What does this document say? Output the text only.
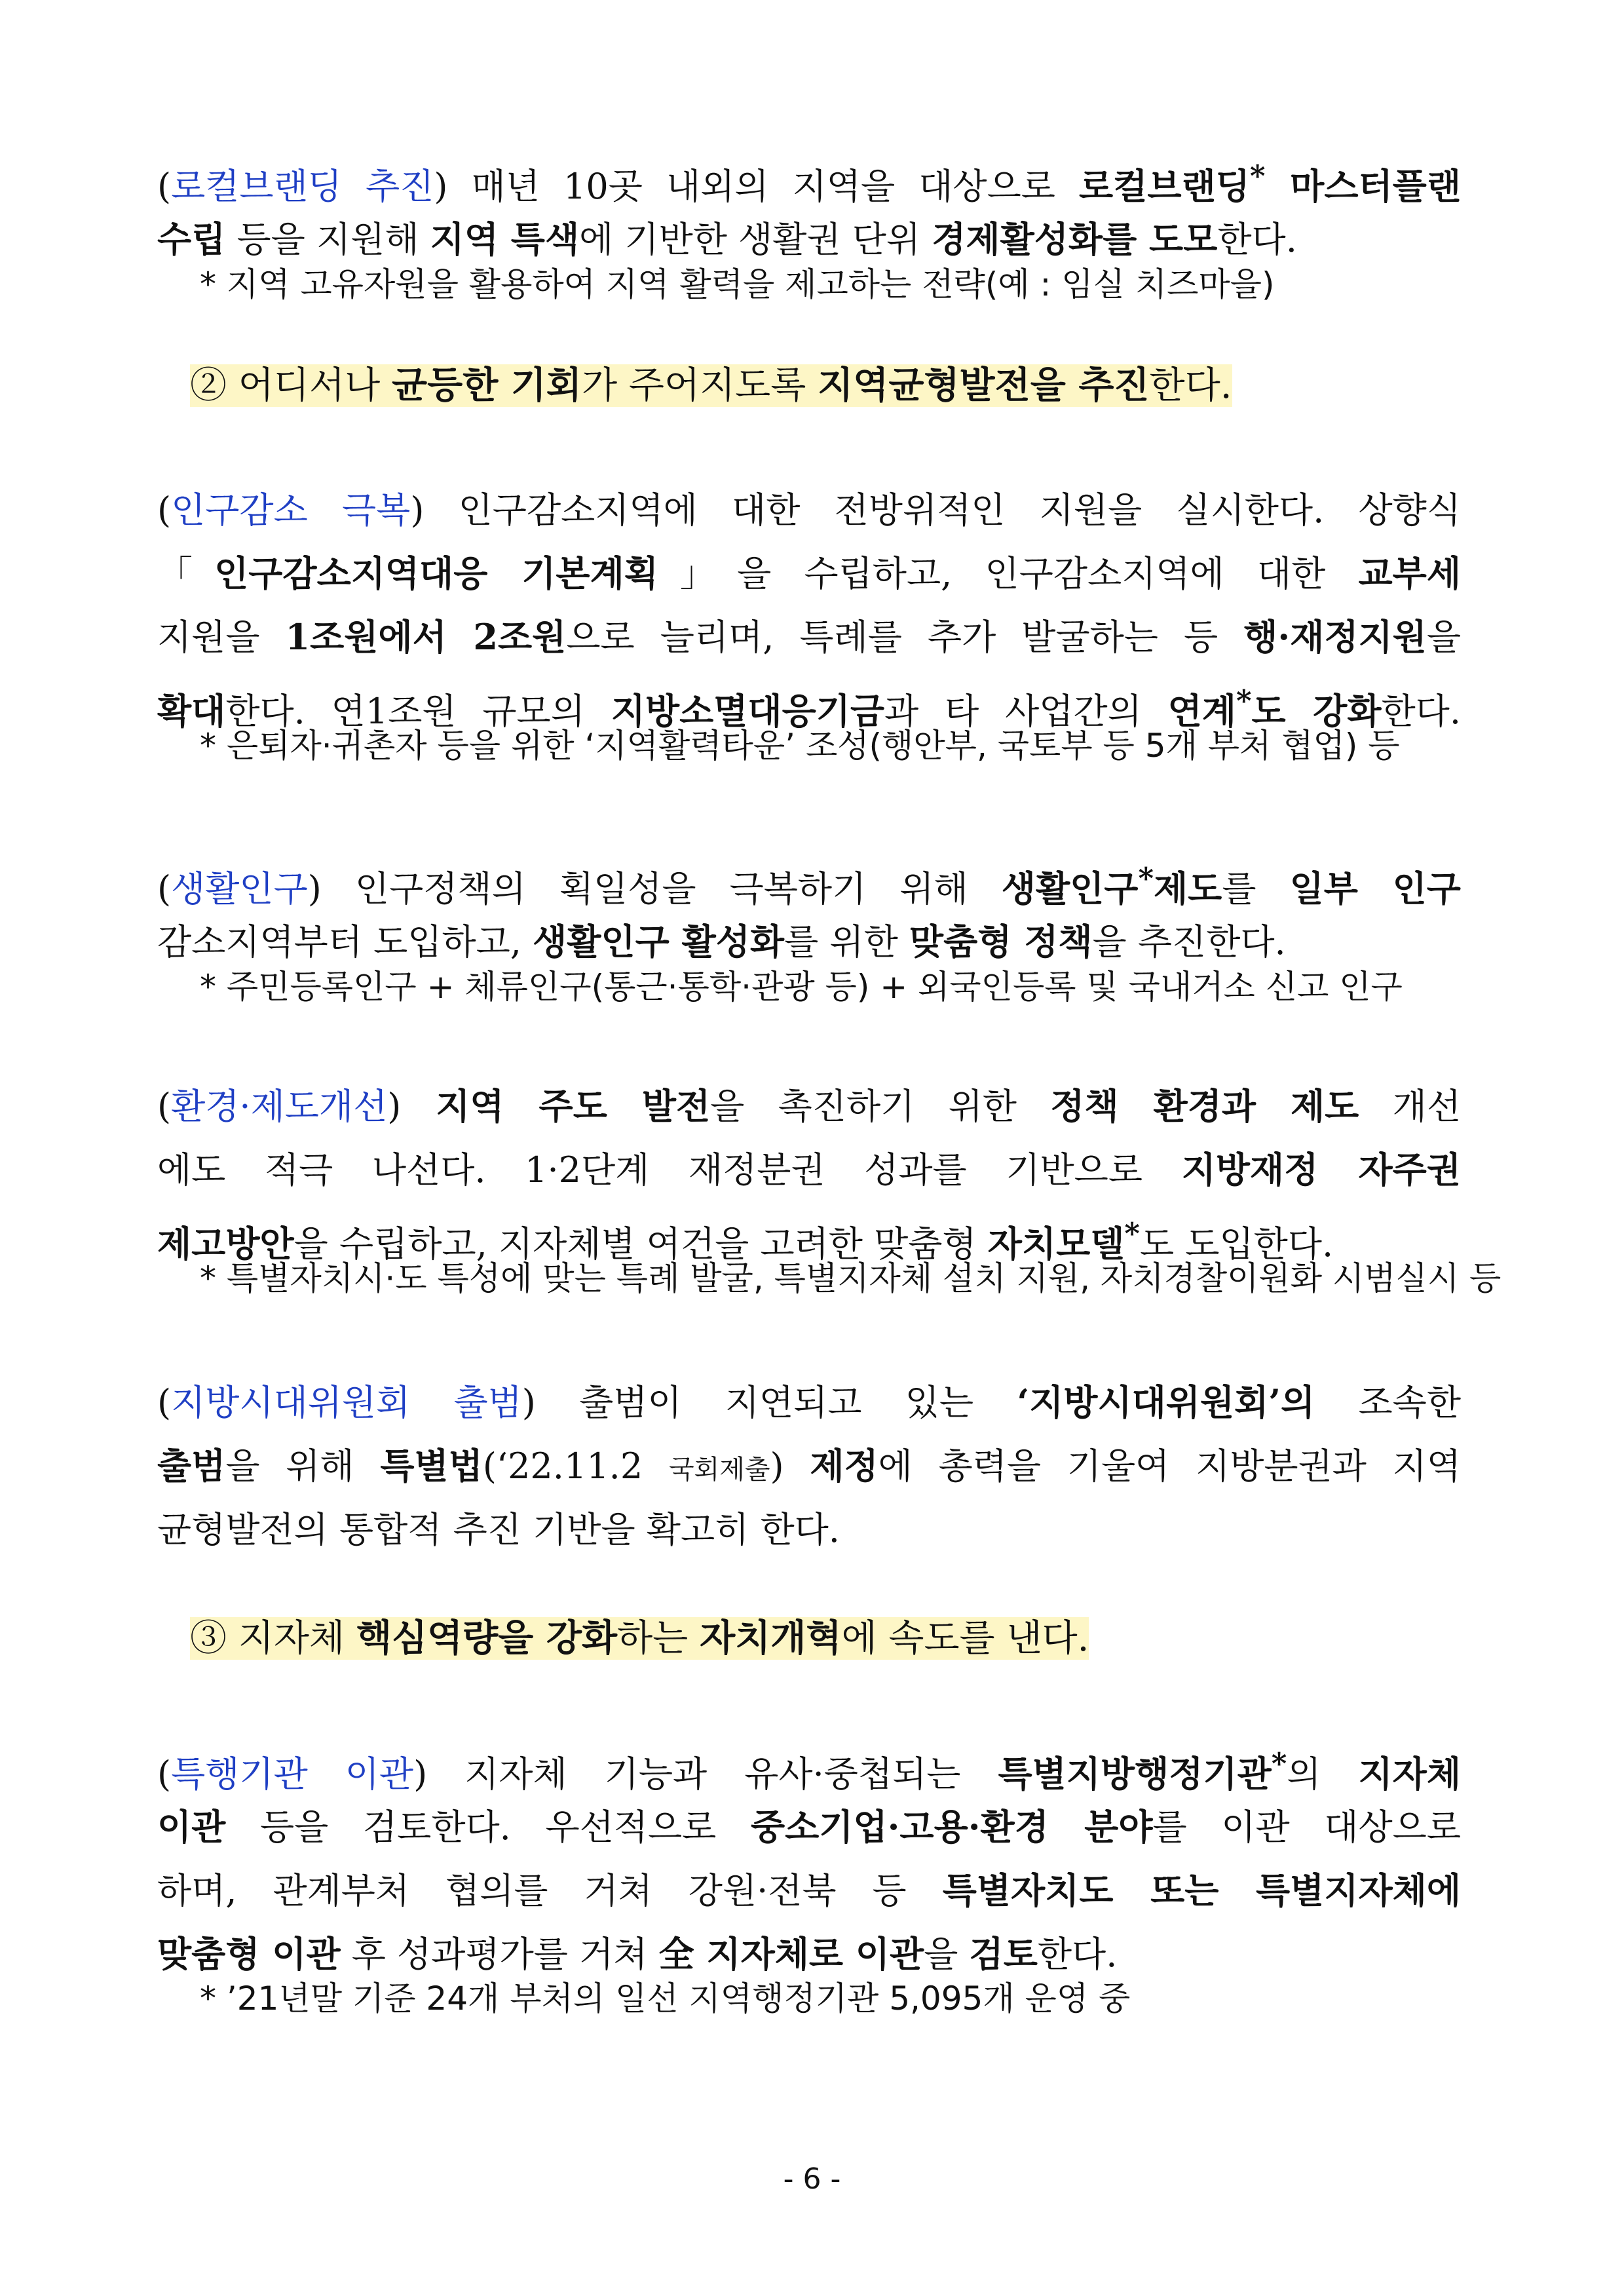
(로컬브랜딩 추진) 매년 10곳 내외의 지역을 대상으로 로컬브랜딩* 마스터플랜
수립 등을 지원해 지역 특색에 기반한 생활권 단위 경제활성화를 도모한다.
* 지역 고유자원을 활용하여 지역 활력을 제고하는 전략(예 : 임실 치즈마을)
② 어디서나 균등한 기회가 주어지도록 지역균형발전을 추진한다.
(인구감소 극복) 인구감소지역에 대한 전방위적인 지원을 실시한다. 상향식
「인구감소지역대응 기본계획」을 수립하고, 인구감소지역에 대한 교부세
지원을 1조원에서 2조원으로 늘리며, 특례를 추가 발굴하는 등 행·재정지원을
확대한다. 연1조원 규모의 지방소멸대응기금과 타 사업간의 연계*도 강화한다.
* 은퇴자·귀촌자 등을 위한 ‘지역활력타운’ 조성(행안부, 국토부 등 5개 부처 협업) 등
(생활인구) 인구정책의 획일성을 극복하기 위해 생활인구*제도를 일부 인구
감소지역부터 도입하고, 생활인구 활성화를 위한 맞춤형 정책을 추진한다.
* 주민등록인구 + 체류인구(통근·통학·관광 등) + 외국인등록 및 국내거소 신고 인구
(환경·제도개선) 지역 주도 발전을 촉진하기 위한 정책 환경과 제도 개선
에도 적극 나선다. 1·2단계 재정분권 성과를 기반으로 지방재정 자주권
제고방안을 수립하고, 지자체별 여건을 고려한 맞춤형 자치모델*도 도입한다.
* 특별자치시·도 특성에 맞는 특례 발굴, 특별지자체 설치 지원, 자치경찰이원화 시범실시 등
(지방시대위원회 출범) 출범이 지연되고 있는 ‘지방시대위원회’의 조속한
출범을 위해 특별법(‘22.11.2 국회제출) 제정에 총력을 기울여 지방분권과 지역
균형발전의 통합적 추진 기반을 확고히 한다.
③ 지자체 핵심역량을 강화하는 자치개혁에 속도를 낸다.
(특행기관 이관) 지자체 기능과 유사·중첩되는 특별지방행정기관*의 지자체
이관 등을 검토한다. 우선적으로 중소기업·고용·환경 분야를 이관 대상으로
하며, 관계부처 협의를 거쳐 강원·전북 등 특별자치도 또는 특별지자체에
맞춤형 이관 후 성과평가를 거쳐 全 지자체로 이관을 검토한다.
* ’21년말 기준 24개 부처의 일선 지역행정기관 5,095개 운영 중
- 6 -
